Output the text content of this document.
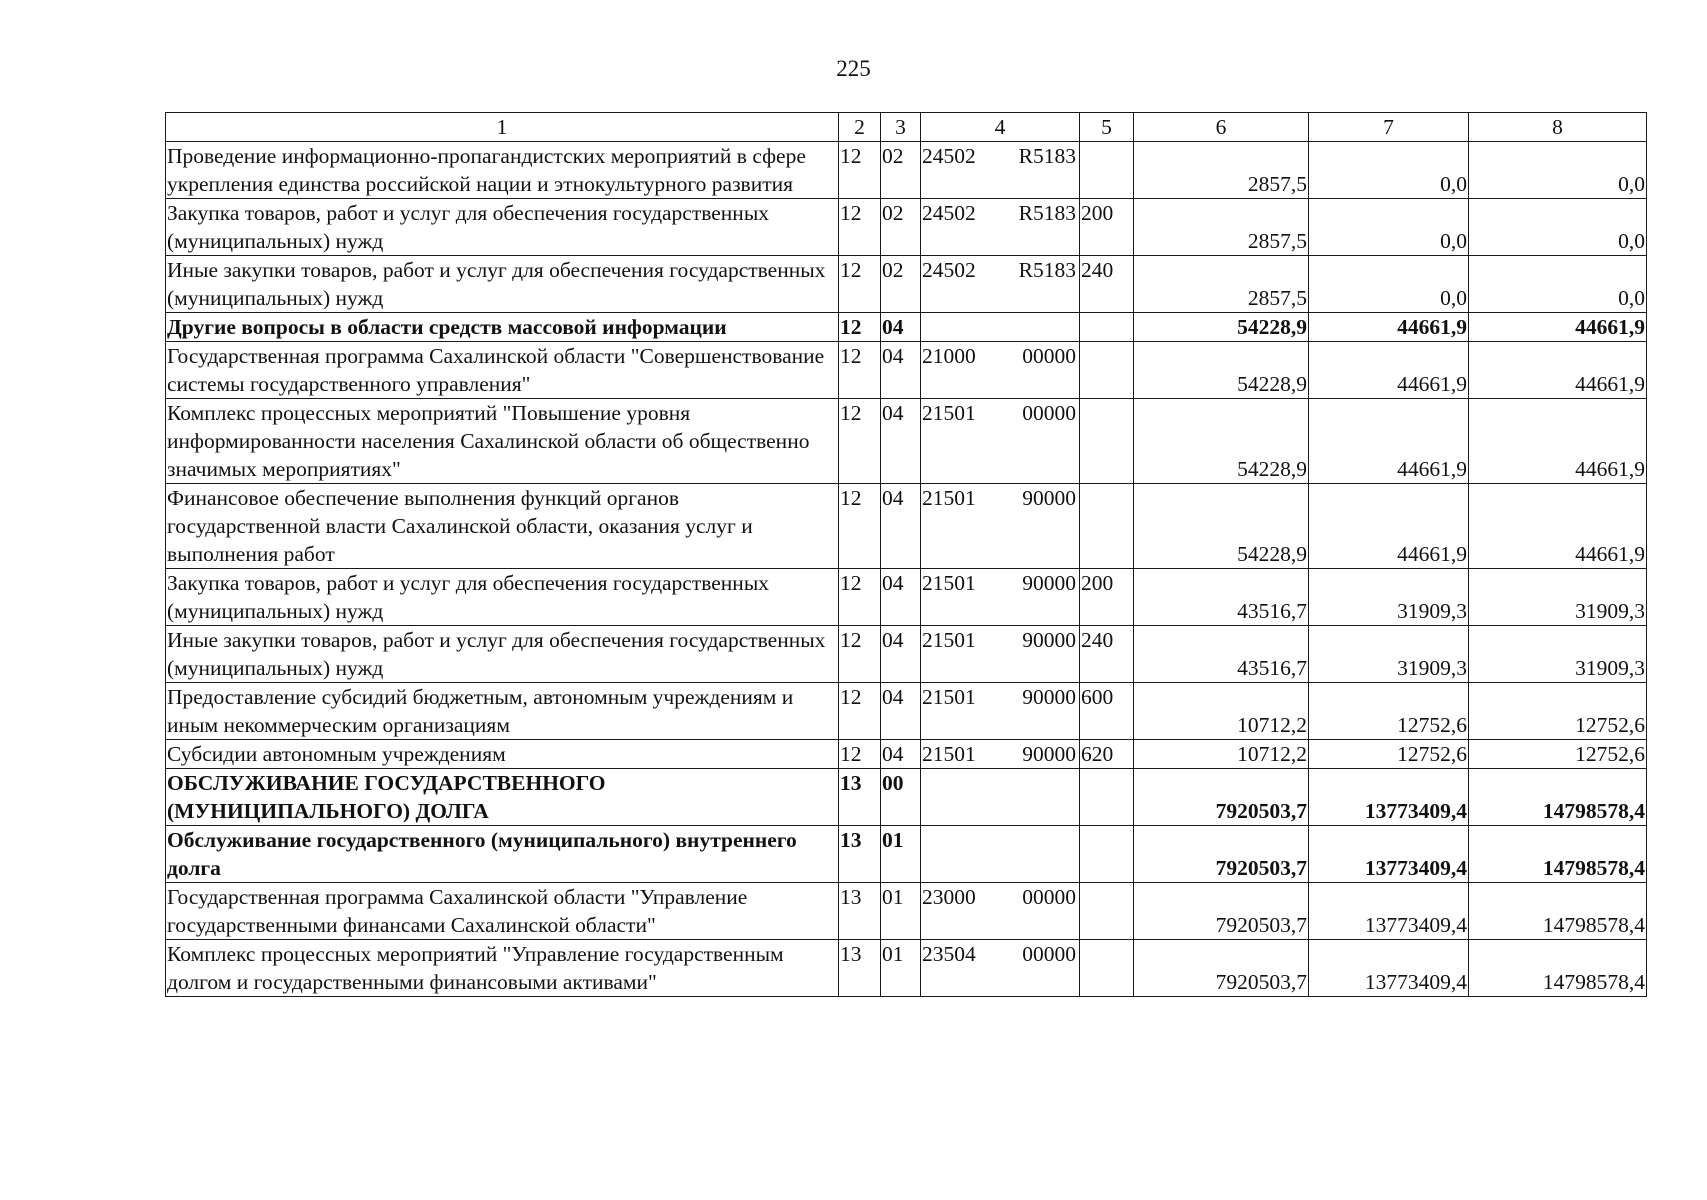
225
1	2	3	4	5	6	7	8
Проведение информационно-пропагандистских мероприятий в сфере укрепления единства российской нации и этнокультурного развития	12	02	24502 R5183		2857,5	0,0	0,0
Закупка товаров, работ и услуг для обеспечения государственных (муниципальных) нужд	12	02	24502 R5183	200	2857,5	0,0	0,0
Иные закупки товаров, работ и услуг для обеспечения государственных (муниципальных) нужд	12	02	24502 R5183	240	2857,5	0,0	0,0
Другие вопросы в области средств массовой информации	12	04			54228,9	44661,9	44661,9
Государственная программа Сахалинской области "Совершенствование системы государственного управления"	12	04	21000 00000		54228,9	44661,9	44661,9
Комплекс процессных мероприятий "Повышение уровня информированности населения Сахалинской области об общественно значимых мероприятиях"	12	04	21501 00000		54228,9	44661,9	44661,9
Финансовое обеспечение выполнения функций органов государственной власти Сахалинской области, оказания услуг и выполнения работ	12	04	21501 90000		54228,9	44661,9	44661,9
Закупка товаров, работ и услуг для обеспечения государственных (муниципальных) нужд	12	04	21501 90000	200	43516,7	31909,3	31909,3
Иные закупки товаров, работ и услуг для обеспечения государственных (муниципальных) нужд	12	04	21501 90000	240	43516,7	31909,3	31909,3
Предоставление субсидий бюджетным, автономным учреждениям и иным некоммерческим организациям	12	04	21501 90000	600	10712,2	12752,6	12752,6
Субсидии автономным учреждениям	12	04	21501 90000	620	10712,2	12752,6	12752,6
ОБСЛУЖИВАНИЕ ГОСУДАРСТВЕННОГО (МУНИЦИПАЛЬНОГО) ДОЛГА	13	00			7920503,7	13773409,4	14798578,4
Обслуживание государственного (муниципального) внутреннего долга	13	01			7920503,7	13773409,4	14798578,4
Государственная программа Сахалинской области "Управление государственными финансами Сахалинской области"	13	01	23000 00000		7920503,7	13773409,4	14798578,4
Комплекс процессных мероприятий "Управление государственным долгом и государственными финансовыми активами"	13	01	23504 00000		7920503,7	13773409,4	14798578,4
